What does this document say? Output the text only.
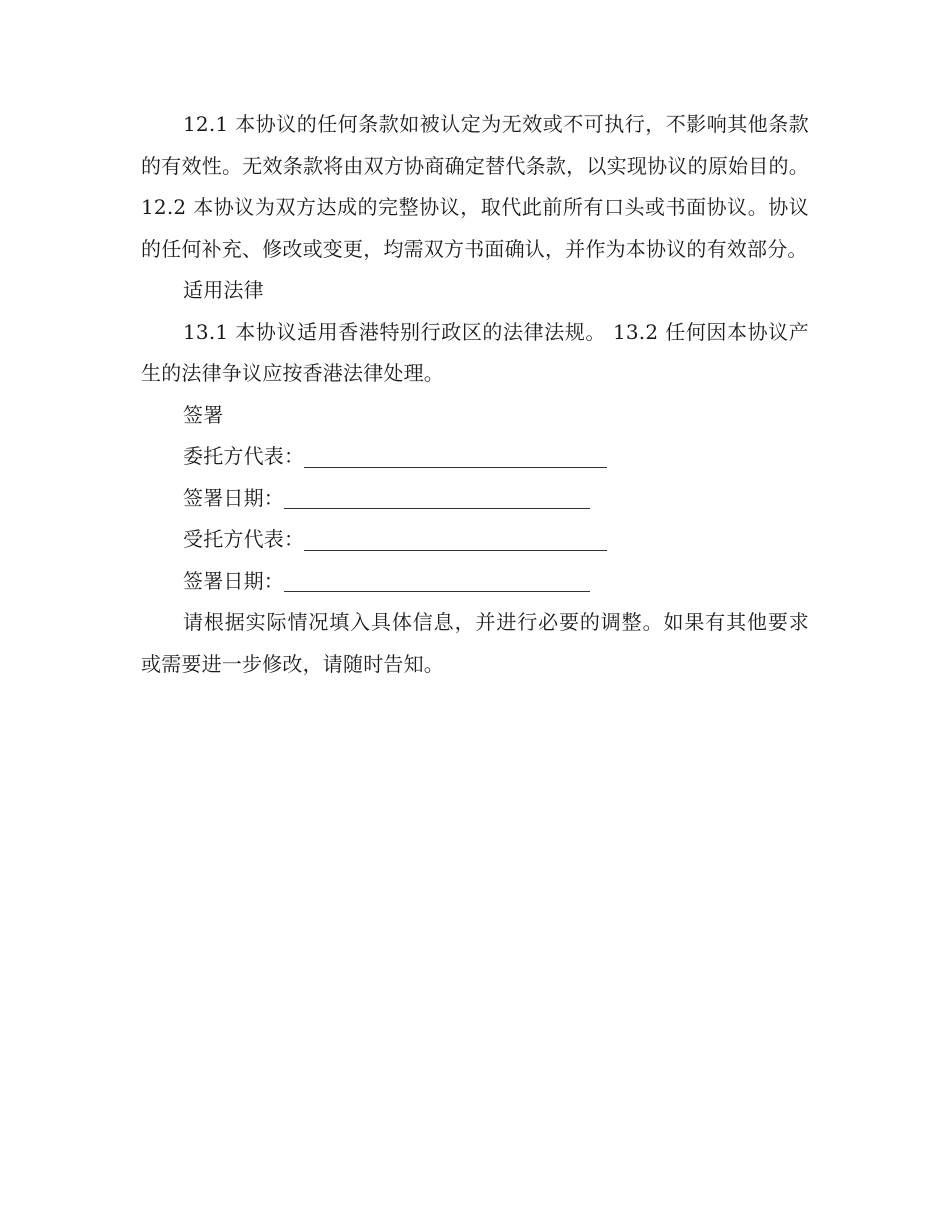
12.1 本协议的任何条款如被认定为无效或不可执行，不影响其他条款的有效性。无效条款将由双方协商确定替代条款，以实现协议的原始目的。 12.2 本协议为双方达成的完整协议，取代此前所有口头或书面协议。协议的任何补充、修改或变更，均需双方书面确认，并作为本协议的有效部分。

适用法律

13.1 本协议适用香港特别行政区的法律法规。 13.2 任何因本协议产生的法律争议应按香港法律处理。

签署

委托方代表：
签署日期：
受托方代表：
签署日期：

请根据实际情况填入具体信息，并进行必要的调整。如果有其他要求或需要进一步修改，请随时告知。
